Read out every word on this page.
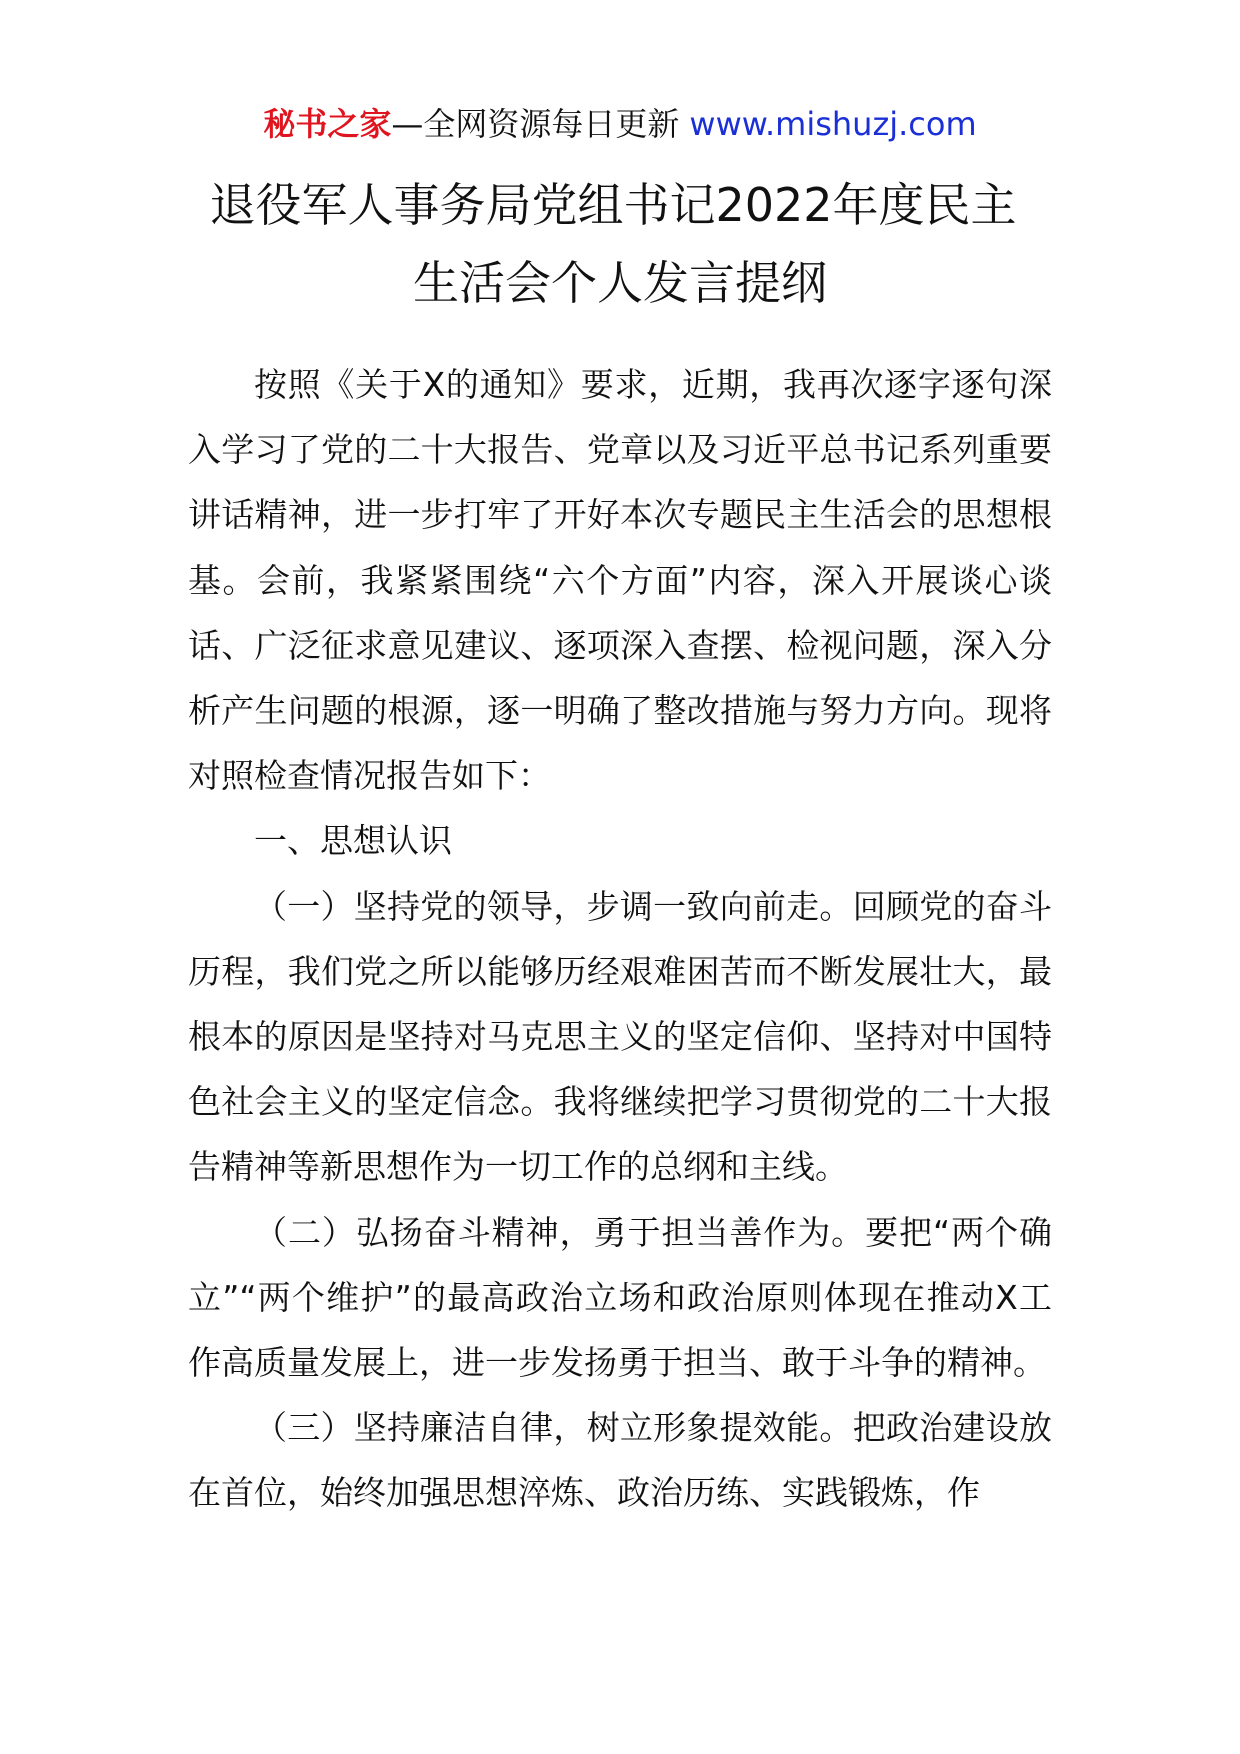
秘书之家—全网资源每日更新 www.mishuzj.com
退役军人事务局党组书记2022年度民主
生活会个人发言提纲

按照《关于X的通知》要求，近期，我再次逐字逐句深入学习了党的二十大报告、党章以及习近平总书记系列重要讲话精神，进一步打牢了开好本次专题民主生活会的思想根基。会前，我紧紧围绕“六个方面”内容，深入开展谈心谈话、广泛征求意见建议、逐项深入查摆、检视问题，深入分析产生问题的根源，逐一明确了整改措施与努力方向。现将对照检查情况报告如下：

一、思想认识

（一）坚持党的领导，步调一致向前走。回顾党的奋斗历程，我们党之所以能够历经艰难困苦而不断发展壮大，最根本的原因是坚持对马克思主义的坚定信仰、坚持对中国特色社会主义的坚定信念。我将继续把学习贯彻党的二十大报告精神等新思想作为一切工作的总纲和主线。

（二）弘扬奋斗精神，勇于担当善作为。要把“两个确立”“两个维护”的最高政治立场和政治原则体现在推动X工作高质量发展上，进一步发扬勇于担当、敢于斗争的精神。

（三）坚持廉洁自律，树立形象提效能。把政治建设放在首位，始终加强思想淬炼、政治历练、实践锻炼，作
